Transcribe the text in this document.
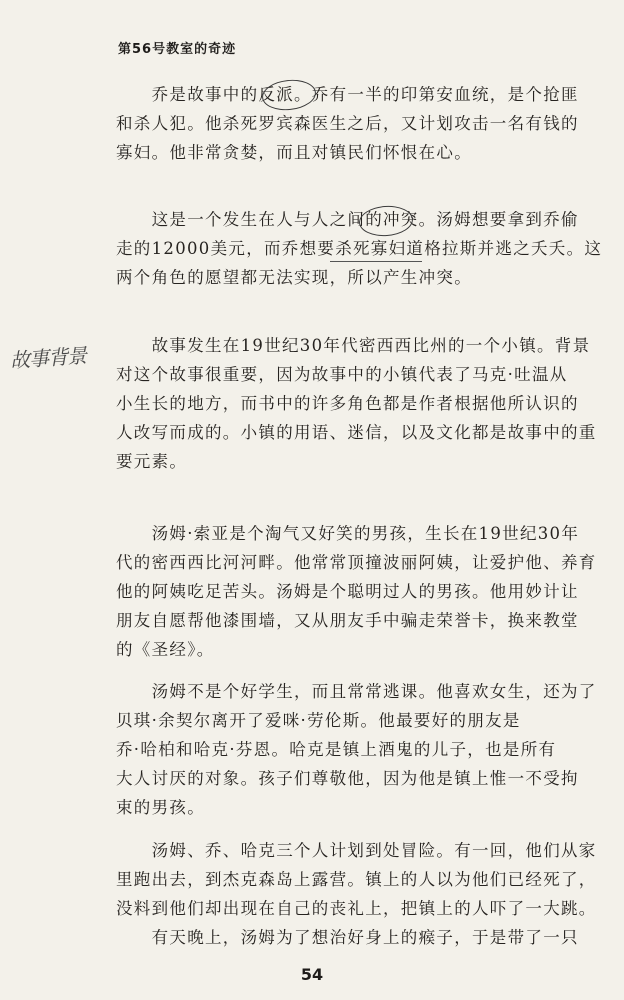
第56号教室的奇迹

　　乔是故事中的反派。乔有一半的印第安血统，是个抢匪
和杀人犯。他杀死罗宾森医生之后，又计划攻击一名有钱的
寡妇。他非常贪婪，而且对镇民们怀恨在心。

　　这是一个发生在人与人之间的冲突。汤姆想要拿到乔偷
走的12000美元，而乔想要杀死寡妇道格拉斯并逃之夭夭。这
两个角色的愿望都无法实现，所以产生冲突。

　　故事发生在19世纪30年代密西西比州的一个小镇。背景
对这个故事很重要，因为故事中的小镇代表了马克·吐温从
小生长的地方，而书中的许多角色都是作者根据他所认识的
人改写而成的。小镇的用语、迷信，以及文化都是故事中的重
要元素。

　　汤姆·索亚是个淘气又好笑的男孩，生长在19世纪30年
代的密西西比河河畔。他常常顶撞波丽阿姨，让爱护他、养育
他的阿姨吃足苦头。汤姆是个聪明过人的男孩。他用妙计让
朋友自愿帮他漆围墙，又从朋友手中骗走荣誉卡，换来教堂
的《圣经》。

　　汤姆不是个好学生，而且常常逃课。他喜欢女生，还为了
贝琪·余契尔离开了爱咪·劳伦斯。他最要好的朋友是
乔·哈柏和哈克·芬恩。哈克是镇上酒鬼的儿子，也是所有
大人讨厌的对象。孩子们尊敬他，因为他是镇上惟一不受拘
束的男孩。

　　汤姆、乔、哈克三个人计划到处冒险。有一回，他们从家
里跑出去，到杰克森岛上露营。镇上的人以为他们已经死了，
没料到他们却出现在自己的丧礼上，把镇上的人吓了一大跳。
　　有天晚上，汤姆为了想治好身上的瘊子，于是带了一只

故事背景
54
